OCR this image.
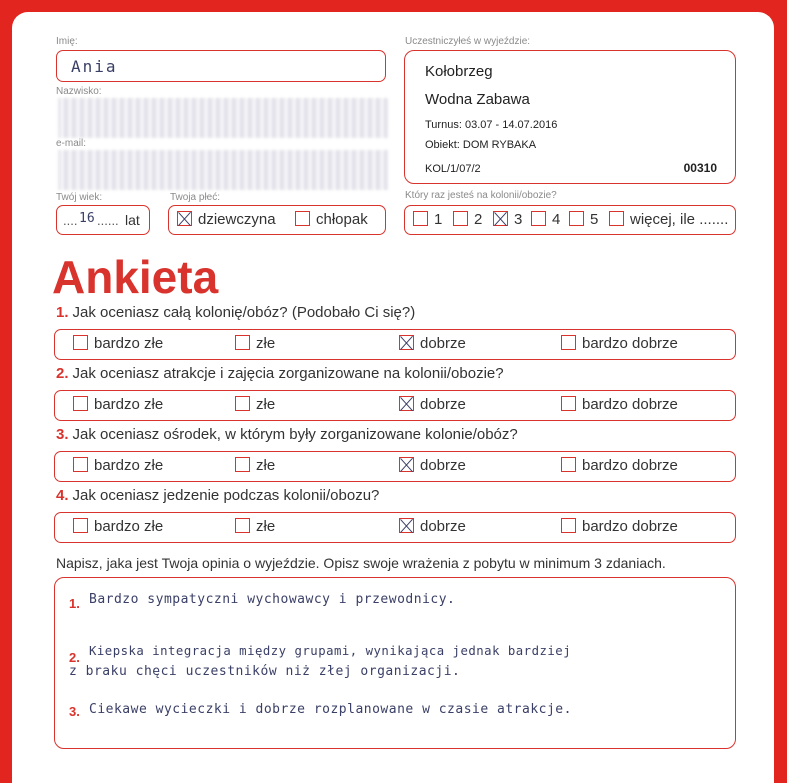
Imię:
Ania
Nazwisko:
e-mail:
Twój wiek:
.... 16 ...... lat
Twoja płeć:
dziewczyna	chłopak
Uczestniczyłeś w wyjeździe:
Kołobrzeg
Wodna Zabawa
Turnus: 03.07 - 14.07.2016
Obiekt: DOM RYBAKA
KOL/1/07/2	00310
Który raz jesteś na kolonii/obozie?
1	2	3	4	5	więcej, ile .......
Ankieta
1. Jak oceniasz całą kolonię/obóz? (Podobało Ci się?)
bardzo złe	złe	dobrze	bardzo dobrze
2. Jak oceniasz atrakcje i zajęcia zorganizowane na kolonii/obozie?
bardzo złe	złe	dobrze	bardzo dobrze
3. Jak oceniasz ośrodek, w którym były zorganizowane kolonie/obóz?
bardzo złe	złe	dobrze	bardzo dobrze
4. Jak oceniasz jedzenie podczas kolonii/obozu?
bardzo złe	złe	dobrze	bardzo dobrze
Napisz, jaka jest Twoja opinia o wyjeździe. Opisz swoje wrażenia z pobytu w minimum 3 zdaniach.
1. Bardzo sympatyczni wychowawcy i przewodnicy.
2. Kiepska integracja między grupami, wynikająca jednak bardziej
z braku chęci uczestników niż złej organizacji.
3. Ciekawe wycieczki i dobrze rozplanowane w czasie atrakcje.
